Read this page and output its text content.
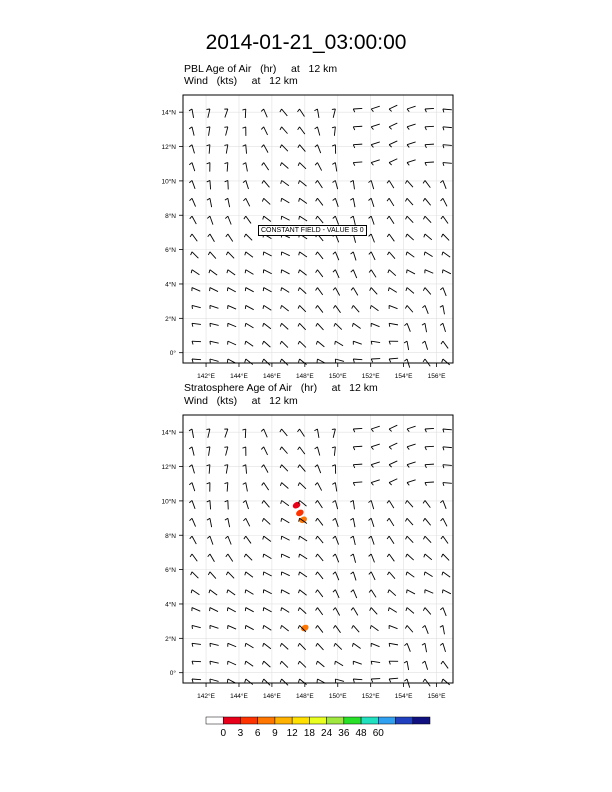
2014-01-21_03:00:00
PBL Age of Air   (hr)     at   12 km
Wind   (kts)     at   12 km
Stratosphere Age of Air   (hr)     at   12 km
Wind   (kts)     at   12 km
142°E 144°E 146°E 148°E 150°E 152°E 154°E 156°E
0°
2°N
4°N
6°N
8°N
10°N
12°N
14°N
142°E 144°E 146°E 148°E 150°E 152°E 154°E 156°E
0°
2°N
4°N
6°N
8°N
10°N
12°N
14°N
CONSTANT FIELD - VALUE IS 0
0	3	6	9 12 18 24 36 48 60
